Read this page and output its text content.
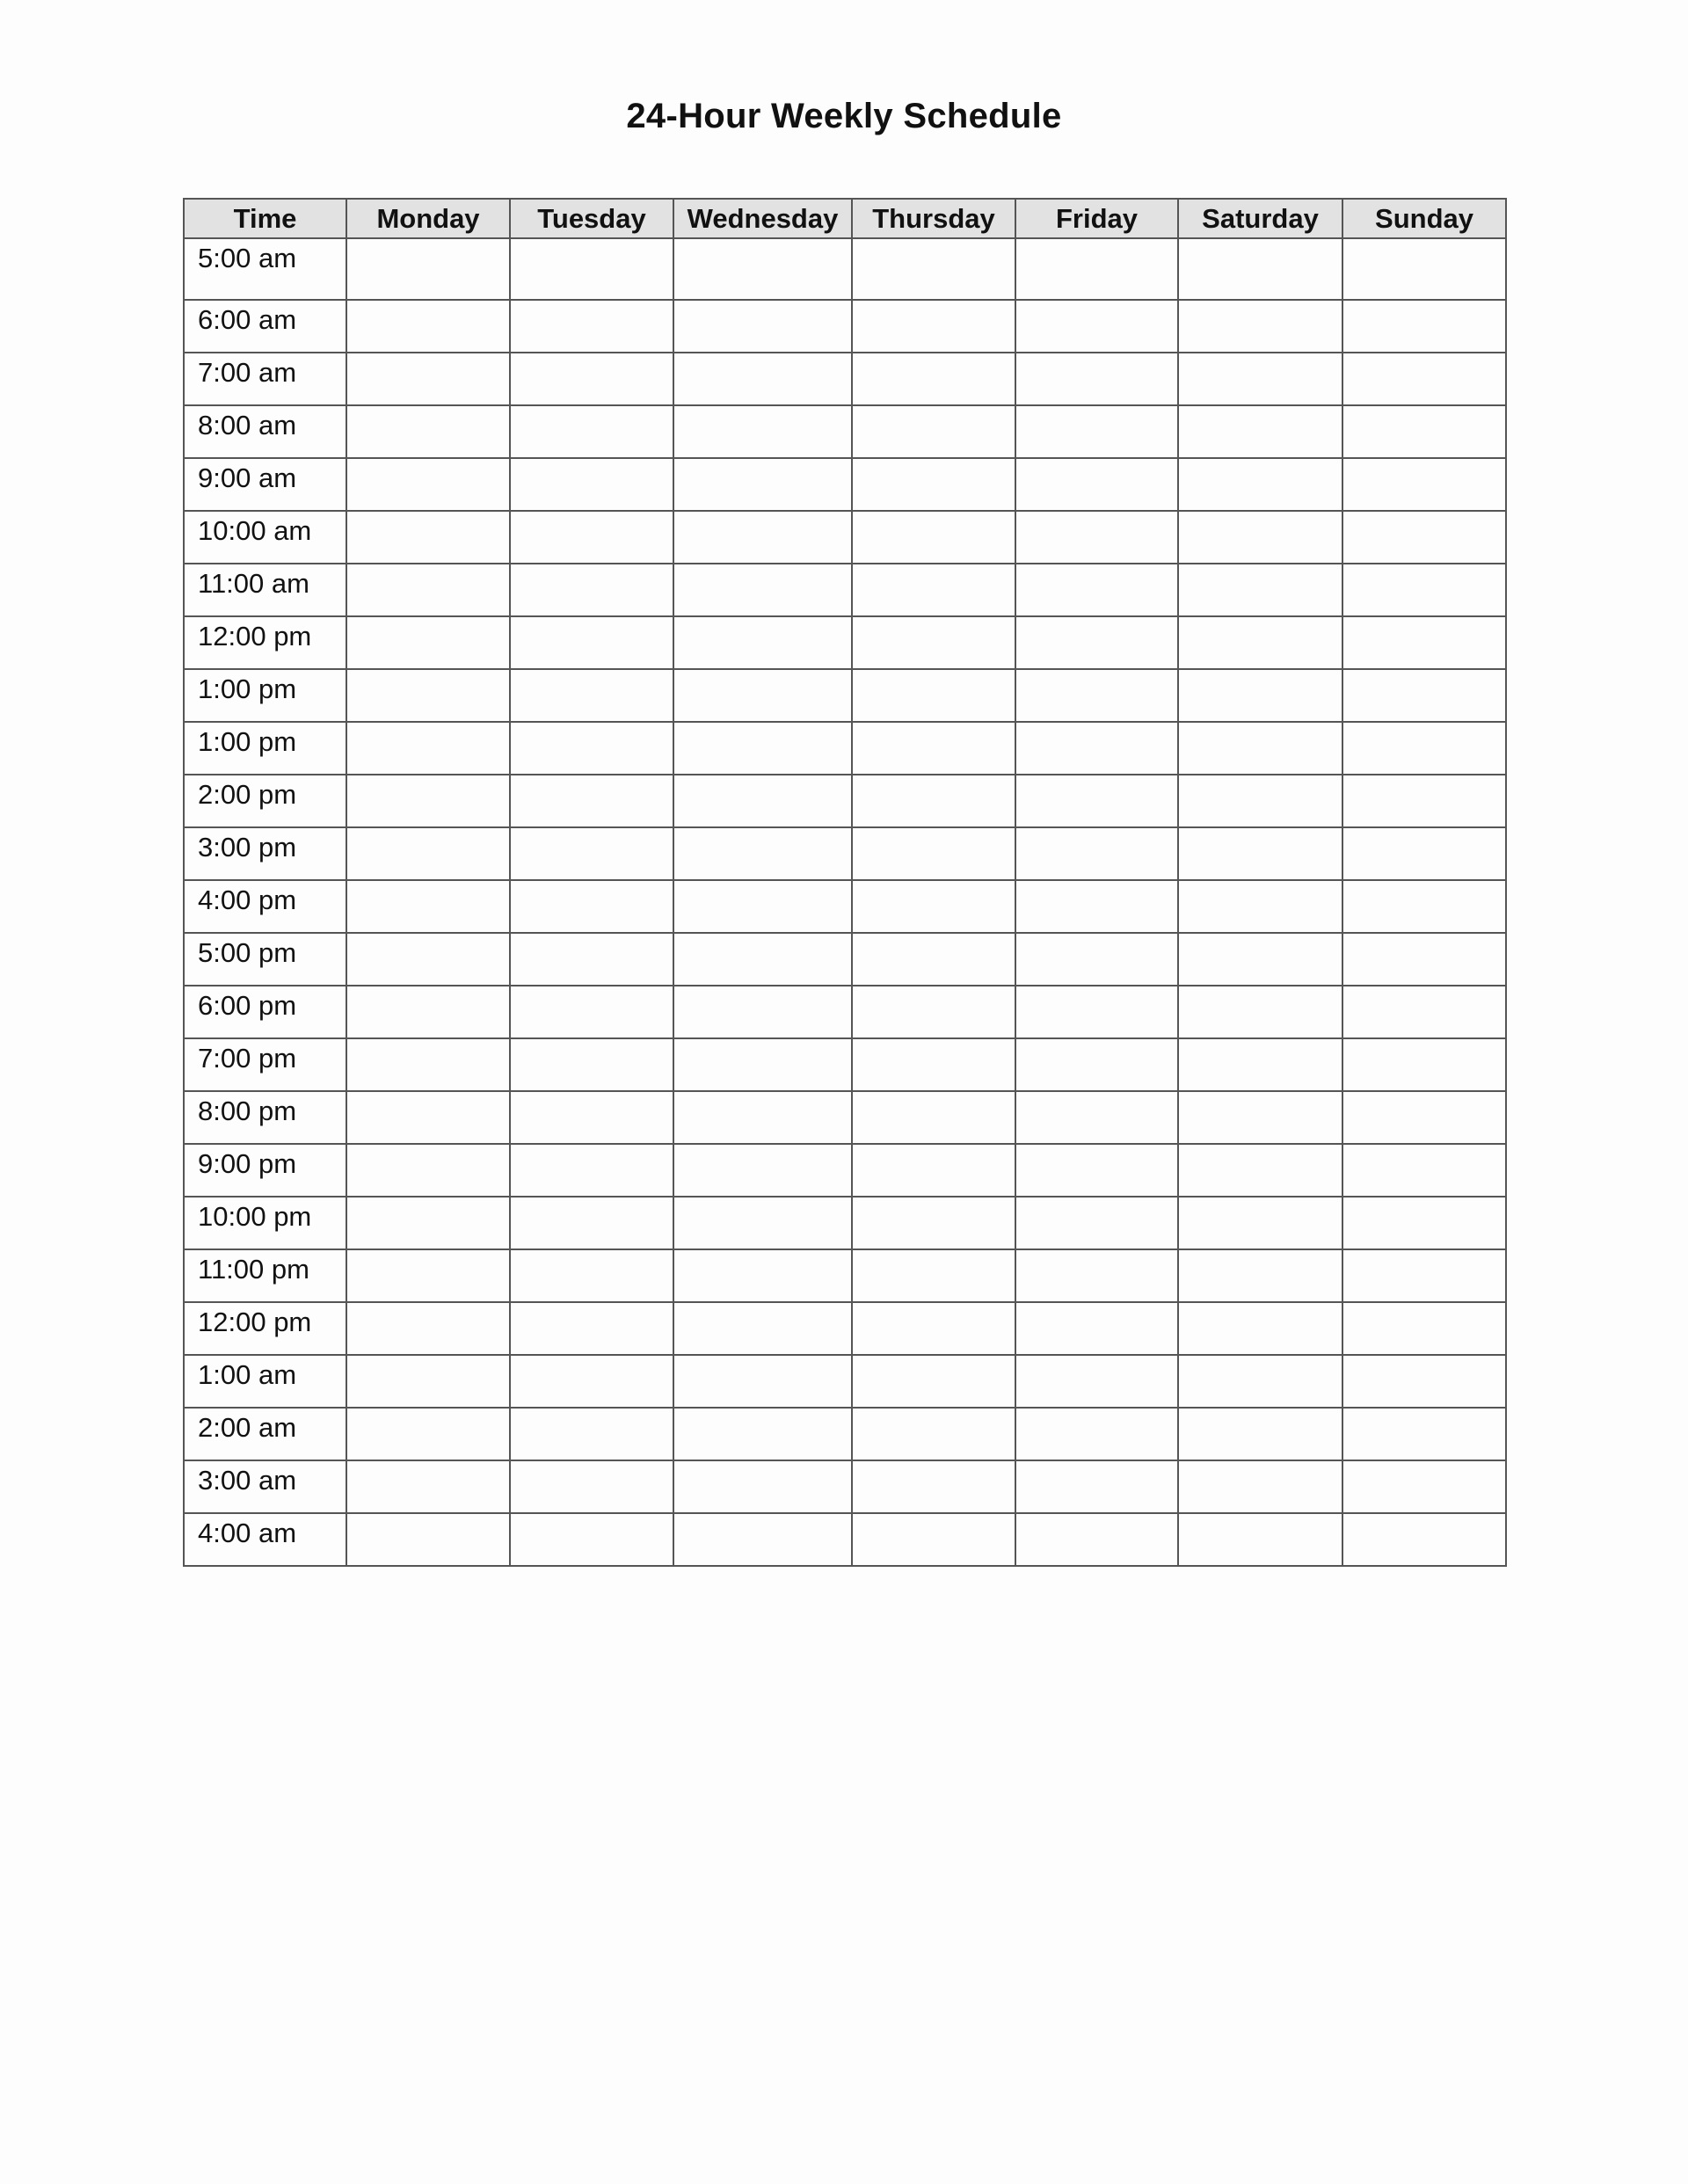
24-Hour Weekly Schedule
Time	Monday	Tuesday	Wednesday	Thursday	Friday	Saturday	Sunday
5:00 am							
6:00 am							
7:00 am							
8:00 am							
9:00 am							
10:00 am							
11:00 am							
12:00 pm							
1:00 pm							
1:00 pm							
2:00 pm							
3:00 pm							
4:00 pm							
5:00 pm							
6:00 pm							
7:00 pm							
8:00 pm							
9:00 pm							
10:00 pm							
11:00 pm							
12:00 pm							
1:00 am							
2:00 am							
3:00 am							
4:00 am							
